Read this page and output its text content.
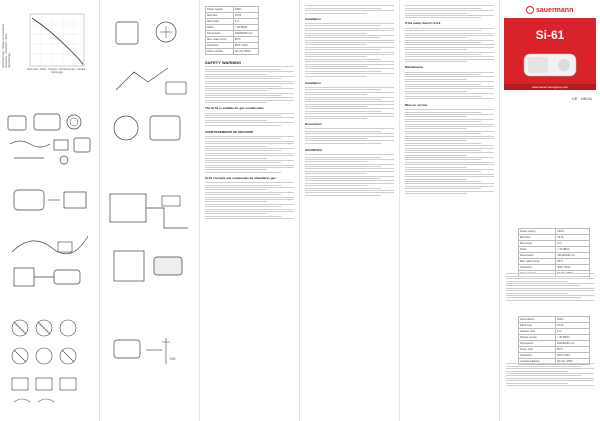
Discharge head - Hauteur de refoulement - Prevalenza - Förderhöhe - Altura - Opvoerhoogte
Flow rate - Débit - Portata - Fördermenge - Caudal - Opbrengst
OK
Power supply	230V~
Max flow	19 l/h
Max head	6 m
Noise	< 30 dB(A)
Dimensions	192x80x80 mm
Max. water temp.	50°C
Protection	IP20 / IP24
Alarm contact	NC 3A / 250V
SAFETY WARNING
The Si-61 is suitable for gas condensates
AVERTISSEMENTS DE SÉCURITÉ
Si-61 convient aux condensats de chaudières gaz
Installation
Installation
Description
SICUREZZA
If the pump doesn't work
Maintenance
Mise en service
sauermann
Si-61
www.sauermanngroup.com
CE UKCA
Power supply	230V~
Max flow	19 l/h
Max head	6 m
Noise	< 30 dB(A)
Dimensions	192x80x80 mm
Max. water temp.	50°C
Protection	IP20 / IP24

Alimentation	230V~
Débit max.	19 l/h
Hauteur max.	6 m
Niveau sonore	< 30 dB(A)
Dimensions	192x80x80 mm
Temp. max	50°C
Protection	IP20 / IP24
Contact d'alarme	NC 3A / 250V
